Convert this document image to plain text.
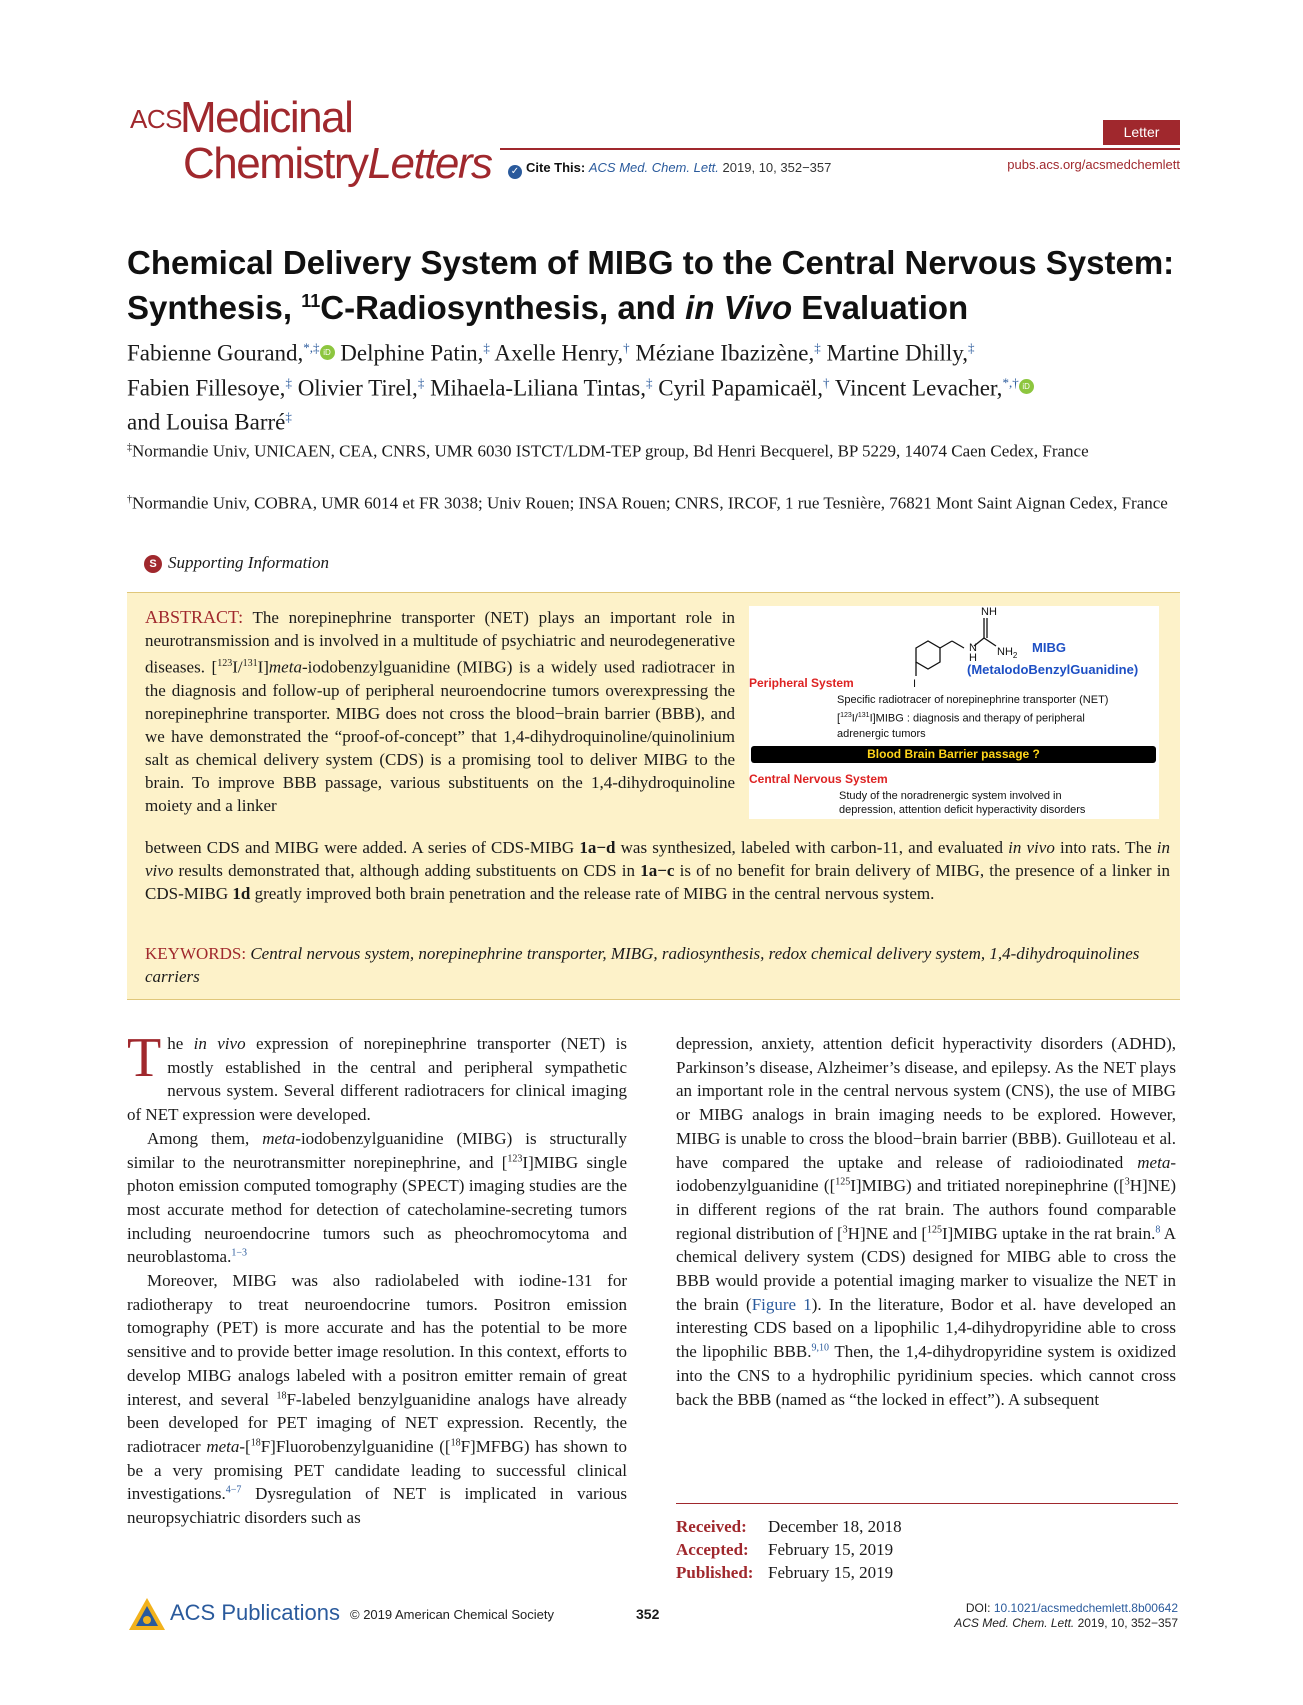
ACS
Medicinal
ChemistryLetters
Letter
✓ Cite This: ACS Med. Chem. Lett. 2019, 10, 352−357	pubs.acs.org/acsmedchemlett
Chemical Delivery System of MIBG to the Central Nervous System:
Synthesis, $^{11}$C-Radiosynthesis, and in Vivo Evaluation
Fabienne Gourand,*,‡ iD Delphine Patin,‡ Axelle Henry,† Méziane Ibazizène,‡ Martine Dhilly,‡
Fabien Fillesoye,‡ Olivier Tirel,‡ Mihaela-Liliana Tintas,‡ Cyril Papamicaël,† Vincent Levacher,*,† iD
and Louisa Barré‡
‡Normandie Univ, UNICAEN, CEA, CNRS, UMR 6030 ISTCT/LDM-TEP group, Bd Henri Becquerel, BP 5229, 14074 Caen Cedex, France
†Normandie Univ, COBRA, UMR 6014 et FR 3038; Univ Rouen; INSA Rouen; CNRS, IRCOF, 1 rue Tesnière, 76821 Mont Saint Aignan Cedex, France
S Supporting Information
ABSTRACT: The norepinephrine transporter (NET) plays an important role in neurotransmission and is involved in a multitude of psychiatric and neurodegenerative diseases. [$^{123}$I/$^{131}$I]meta-iodobenzylguanidine (MIBG) is a widely used radiotracer in the diagnosis and follow-up of peripheral neuroendocrine tumors overexpressing the norepinephrine transporter. MIBG does not cross the blood−brain barrier (BBB), and we have demonstrated the “proof-of-concept” that 1,4-dihydroquinoline/quinolinium salt as chemical delivery system (CDS) is a promising tool to deliver MIBG to the brain. To improve BBB passage, various substituents on the 1,4-dihydroquinoline moiety and a linker
between CDS and MIBG were added. A series of CDS-MIBG 1a−d was synthesized, labeled with carbon-11, and evaluated in vivo into rats. The in vivo results demonstrated that, although adding substituents on CDS in 1a−c is of no benefit for brain delivery of MIBG, the presence of a linker in CDS-MIBG 1d greatly improved both brain penetration and the release rate of MIBG in the central nervous system.
KEYWORDS: Central nervous system, norepinephrine transporter, MIBG, radiosynthesis, redox chemical delivery system, 1,4-dihydroquinolines carriers
NH
N
H $NH_2$
I
MIBG
(MetaIodoBenzylGuanidine)
Peripheral System
Specific radiotracer of norepinephrine transporter (NET)
[$^{123}$I/$^{131}$I]MIBG : diagnosis and therapy of peripheral
adrenergic tumors
Blood Brain Barrier passage ?
Central Nervous System
Study of the noradrenergic system involved in
depression, attention deficit hyperactivity disorders

The in vivo expression of norepinephrine transporter (NET) is mostly established in the central and peripheral sympathetic nervous system. Several different radiotracers for clinical imaging of NET expression were developed.

Among them, meta-iodobenzylguanidine (MIBG) is structurally similar to the neurotransmitter norepinephrine, and [$^{123}$I]MIBG single photon emission computed tomography (SPECT) imaging studies are the most accurate method for detection of catecholamine-secreting tumors including neuroendocrine tumors such as pheochromocytoma and neuroblastoma.$^{1-3}$

Moreover, MIBG was also radiolabeled with iodine-131 for radiotherapy to treat neuroendocrine tumors. Positron emission tomography (PET) is more accurate and has the potential to be more sensitive and to provide better image resolution. In this context, efforts to develop MIBG analogs labeled with a positron emitter remain of great interest, and several $^{18}$F-labeled benzylguanidine analogs have already been developed for PET imaging of NET expression. Recently, the radiotracer meta-[$^{18}$F]Fluorobenzylguanidine ([$^{18}$F]MFBG) has shown to be a very promising PET candidate leading to successful clinical investigations.$^{4-7}$ Dysregulation of NET is implicated in various neuropsychiatric disorders such as

depression, anxiety, attention deficit hyperactivity disorders (ADHD), Parkinson’s disease, Alzheimer’s disease, and epilepsy. As the NET plays an important role in the central nervous system (CNS), the use of MIBG or MIBG analogs in brain imaging needs to be explored. However, MIBG is unable to cross the blood−brain barrier (BBB). Guilloteau et al. have compared the uptake and release of radioiodinated meta-iodobenzylguanidine ([$^{125}$I]MIBG) and tritiated norepinephrine ([$^3$H]NE) in different regions of the rat brain. The authors found comparable regional distribution of [$^3$H]NE and [$^{125}$I]MIBG uptake in the rat brain.$^8$ A chemical delivery system (CDS) designed for MIBG able to cross the BBB would provide a potential imaging marker to visualize the NET in the brain (Figure 1). In the literature, Bodor et al. have developed an interesting CDS based on a lipophilic 1,4-dihydropyridine able to cross the lipophilic BBB.$^{9,10}$ Then, the 1,4-dihydropyridine system is oxidized into the CNS to a hydrophilic pyridinium species. which cannot cross back the BBB (named as “the locked in effect”). A subsequent

Received: December 18, 2018
Accepted: February 15, 2019
Published: February 15, 2019
ACS Publications © 2019 American Chemical Society	352	DOI: 10.1021/acsmedchemlett.8b00642
ACS Med. Chem. Lett. 2019, 10, 352−357
